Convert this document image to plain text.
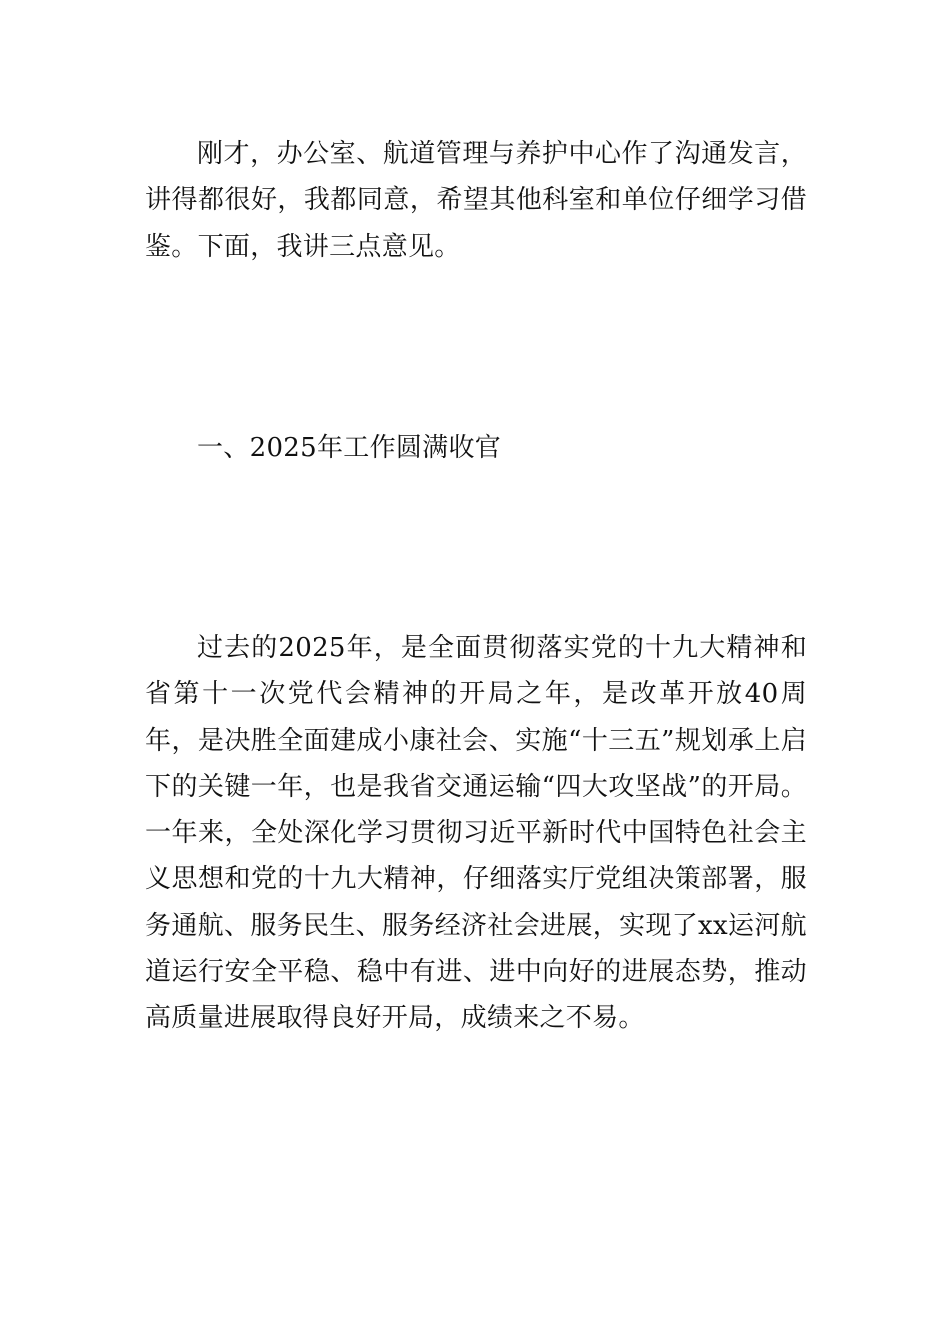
刚才，办公室、航道管理与养护中心作了沟通发言，讲得都很好，我都同意，希望其他科室和单位仔细学习借鉴。下面，我讲三点意见。

一、2025年工作圆满收官

过去的2025年，是全面贯彻落实党的十九大精神和省第十一次党代会精神的开局之年，是改革开放40周年，是决胜全面建成小康社会、实施“十三五”规划承上启下的关键一年，也是我省交通运输“四大攻坚战”的开局。一年来，全处深化学习贯彻习近平新时代中国特色社会主义思想和党的十九大精神，仔细落实厅党组决策部署，服务通航、服务民生、服务经济社会进展，实现了xx运河航道运行安全平稳、稳中有进、进中向好的进展态势，推动高质量进展取得良好开局，成绩来之不易。
